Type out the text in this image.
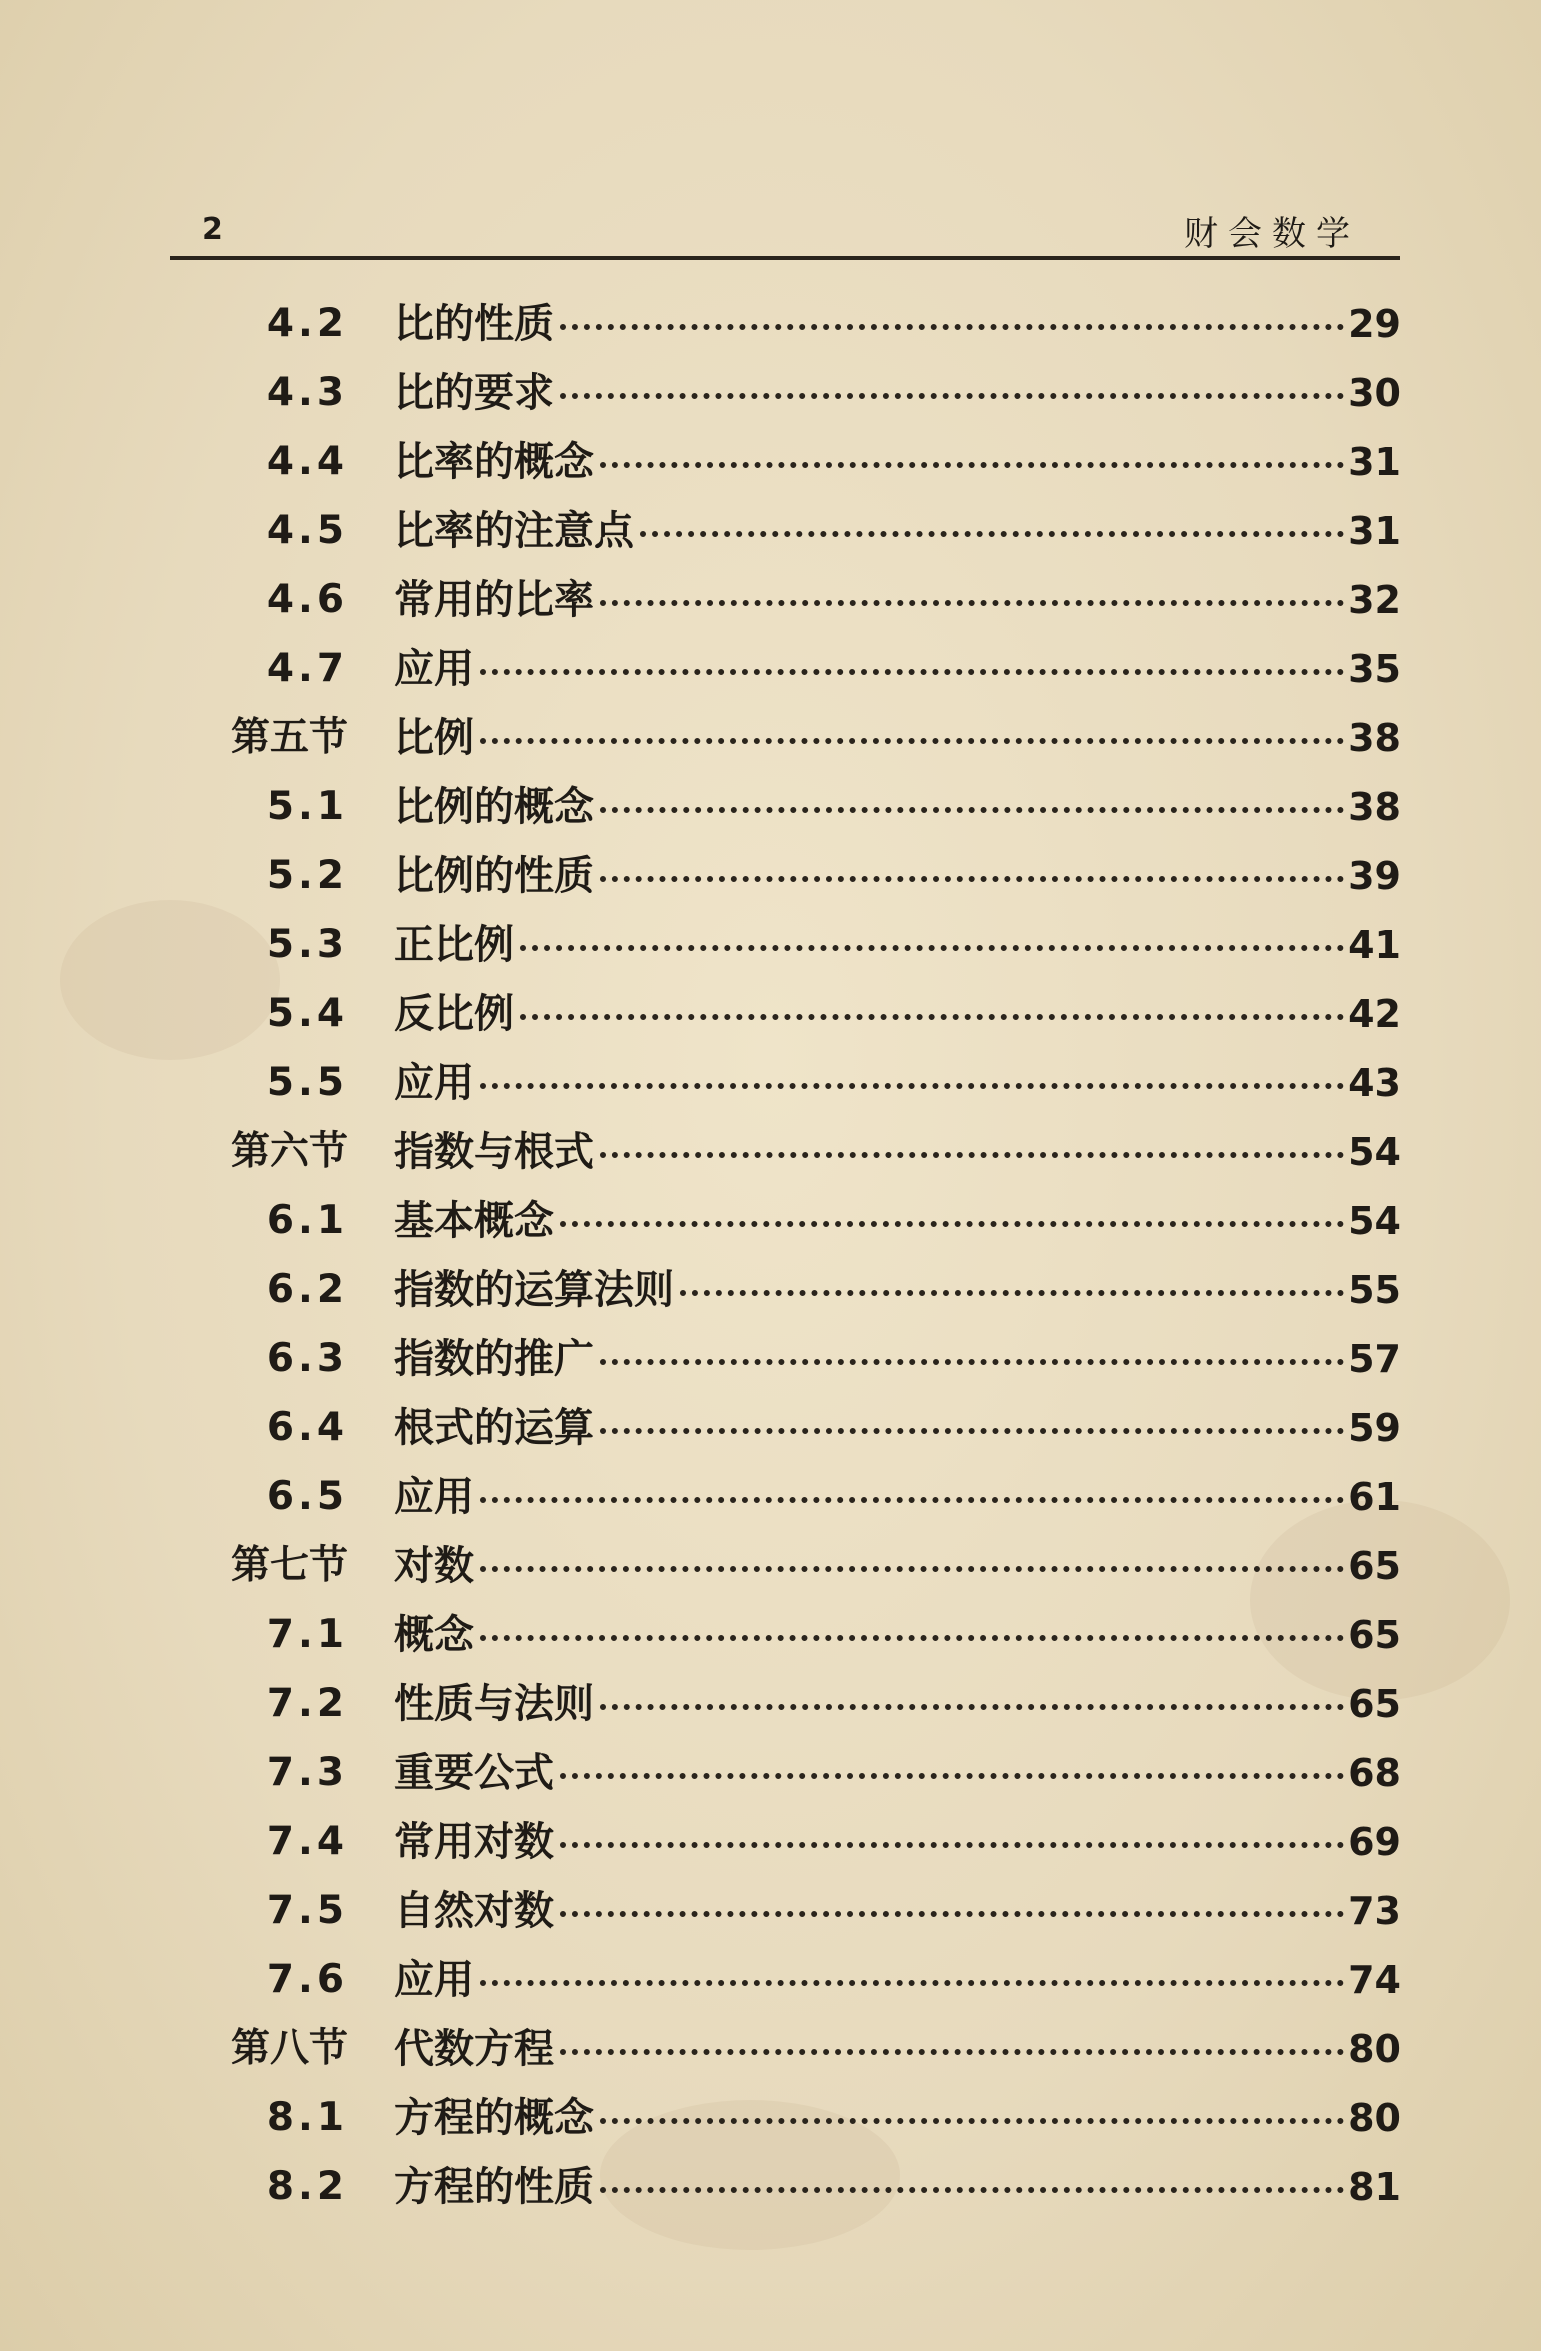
2	财会数学
4.2 比的性质	29
4.3 比的要求	30
4.4 比率的概念	31
4.5 比率的注意点	31
4.6 常用的比率	32
4.7 应用	35
第五节 比例	38
5.1 比例的概念	38
5.2 比例的性质	39
5.3 正比例	41
5.4 反比例	42
5.5 应用	43
第六节 指数与根式	54
6.1 基本概念	54
6.2 指数的运算法则	55
6.3 指数的推广	57
6.4 根式的运算	59
6.5 应用	61
第七节 对数	65
7.1 概念	65
7.2 性质与法则	65
7.3 重要公式	68
7.4 常用对数	69
7.5 自然对数	73
7.6 应用	74
第八节 代数方程	80
8.1 方程的概念	80
8.2 方程的性质	81
